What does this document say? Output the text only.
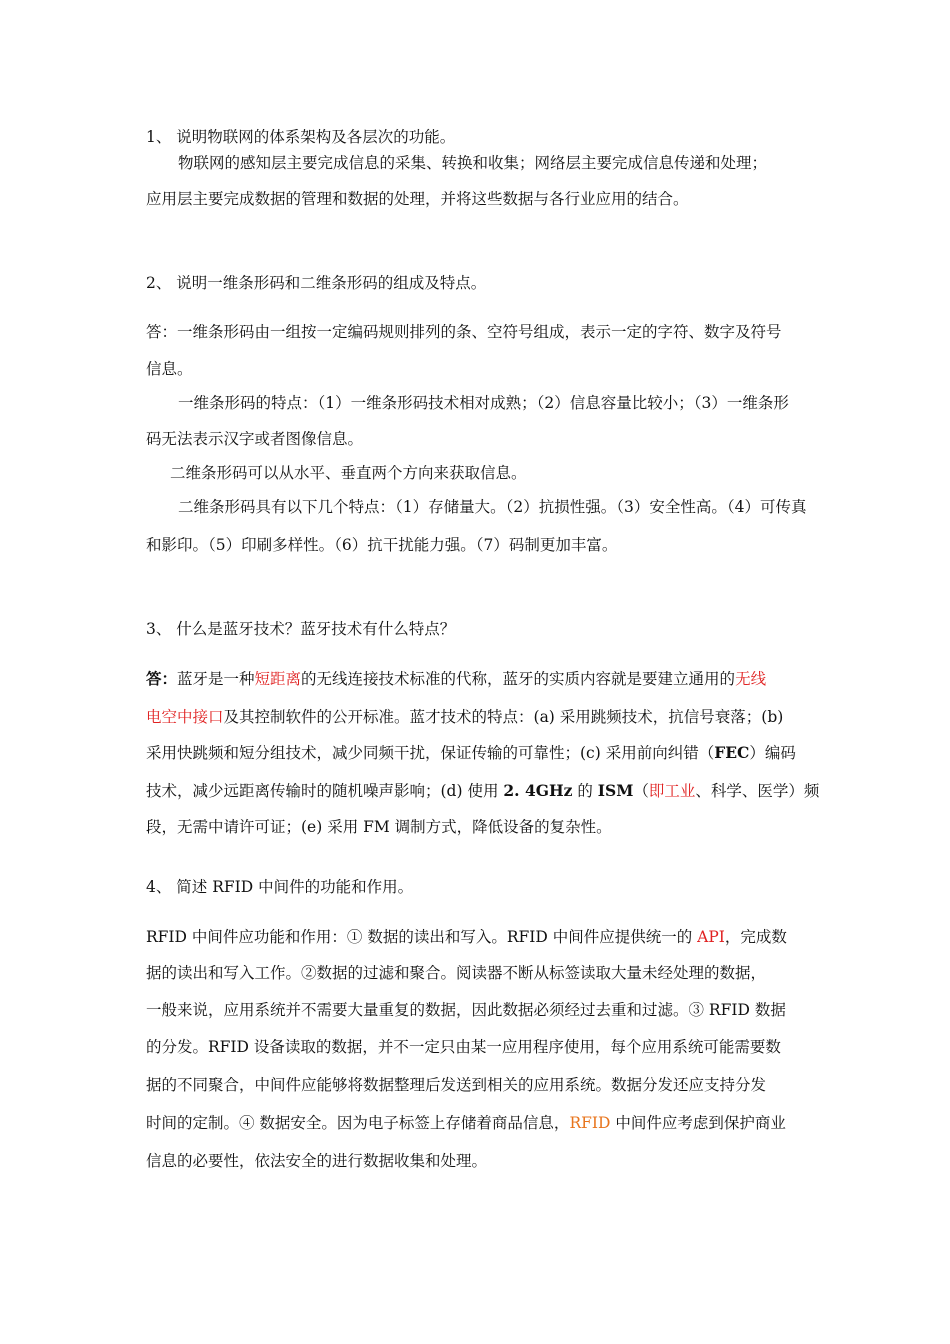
1、 说明物联网的体系架构及各层次的功能。
物联网的感知层主要完成信息的采集、转换和收集；网络层主要完成信息传递和处理；
应用层主要完成数据的管理和数据的处理，并将这些数据与各行业应用的结合。
2、 说明一维条形码和二维条形码的组成及特点。
答：一维条形码由一组按一定编码规则排列的条、空符号组成，表示一定的字符、数字及符号
信息。
一维条形码的特点：（1）一维条形码技术相对成熟；（2）信息容量比较小；（3）一维条形
码无法表示汉字或者图像信息。
二维条形码可以从水平、垂直两个方向来获取信息。
二维条形码具有以下几个特点：（1）存储量大。（2）抗损性强。（3）安全性高。（4）可传真
和影印。（5）印刷多样性。（6）抗干扰能力强。（7）码制更加丰富。
3、 什么是蓝牙技术？蓝牙技术有什么特点？
答：蓝牙是一种短距离的无线连接技术标准的代称，蓝牙的实质内容就是要建立通用的无线
电空中接口及其控制软件的公开标准。蓝才技术的特点：(a) 采用跳频技术，抗信号衰落；(b)
采用快跳频和短分组技术，减少同频干扰，保证传输的可靠性；(c) 采用前向纠错（FEC）编码
技术，减少远距离传输时的随机噪声影响；(d) 使用 2. 4GHz 的 ISM（即工业、科学、医学）频
段，无需中请许可证；(e) 采用 FM 调制方式，降低设备的复杂性。
4、 简述 RFID 中间件的功能和作用。
RFID 中间件应功能和作用：① 数据的读出和写入。RFID 中间件应提供统一的 API，完成数
据的读出和写入工作。②数据的过滤和聚合。阅读器不断从标签读取大量未经处理的数据，
一般来说，应用系统并不需要大量重复的数据，因此数据必须经过去重和过滤。③ RFID 数据
的分发。RFID 设备读取的数据，并不一定只由某一应用程序使用，每个应用系统可能需要数
据的不同聚合，中间件应能够将数据整理后发送到相关的应用系统。数据分发还应支持分发
时间的定制。④ 数据安全。因为电子标签上存储着商品信息，RFID 中间件应考虑到保护商业
信息的必要性，依法安全的进行数据收集和处理。
